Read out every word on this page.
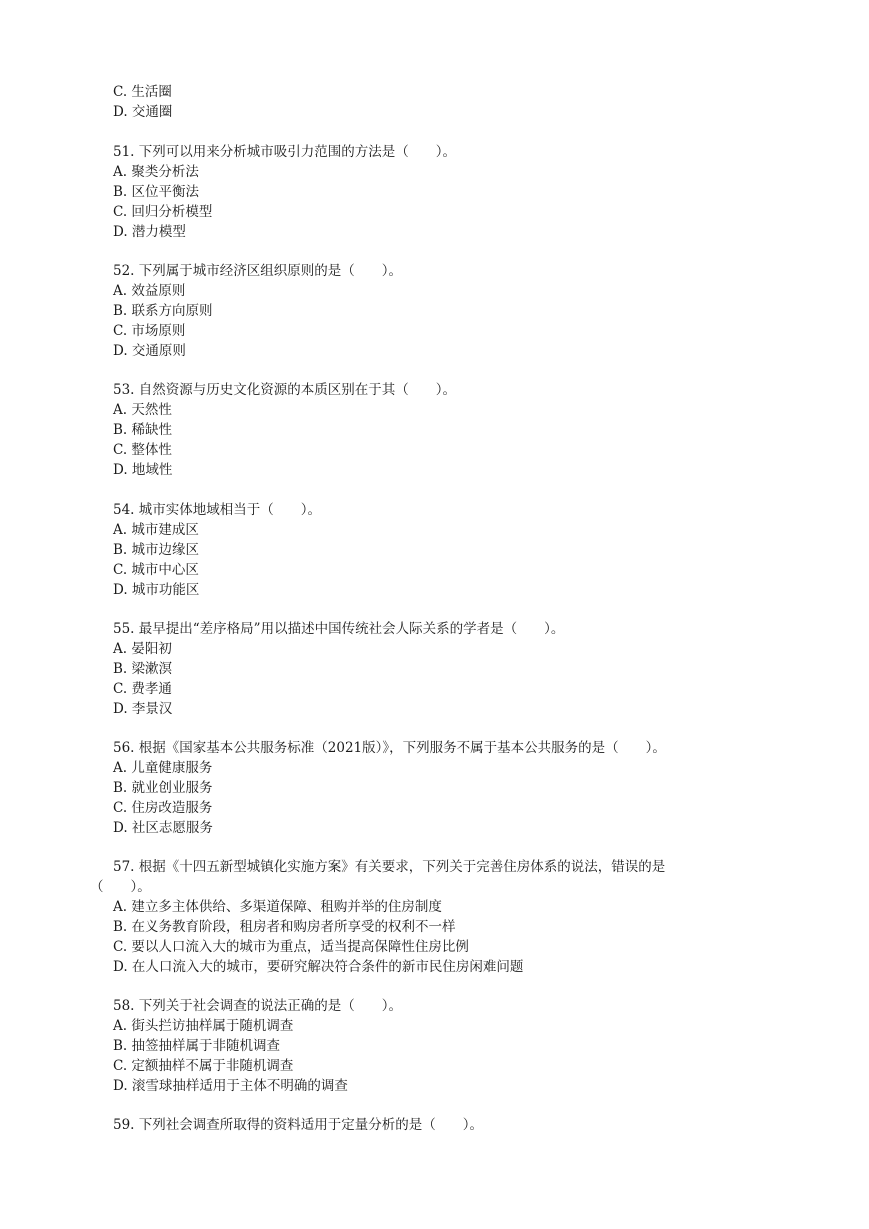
C. 生活圈
D. 交通圈
51. 下列可以用来分析城市吸引力范围的方法是（　　）。
A. 聚类分析法
B. 区位平衡法
C. 回归分析模型
D. 潜力模型
52. 下列属于城市经济区组织原则的是（　　）。
A. 效益原则
B. 联系方向原则
C. 市场原则
D. 交通原则
53. 自然资源与历史文化资源的本质区别在于其（　　）。
A. 天然性
B. 稀缺性
C. 整体性
D. 地域性
54. 城市实体地域相当于（　　）。
A. 城市建成区
B. 城市边缘区
C. 城市中心区
D. 城市功能区
55. 最早提出“差序格局”用以描述中国传统社会人际关系的学者是（　　）。
A. 晏阳初
B. 梁漱溟
C. 费孝通
D. 李景汉
56. 根据《国家基本公共服务标准（2021版）》，下列服务不属于基本公共服务的是（　　）。
A. 儿童健康服务
B. 就业创业服务
C. 住房改造服务
D. 社区志愿服务
57. 根据《十四五新型城镇化实施方案》有关要求，下列关于完善住房体系的说法，错误的是
（　　）。
A. 建立多主体供给、多渠道保障、租购并举的住房制度
B. 在义务教育阶段，租房者和购房者所享受的权利不一样
C. 要以人口流入大的城市为重点，适当提高保障性住房比例
D. 在人口流入大的城市，要研究解决符合条件的新市民住房闲难问题
58. 下列关于社会调查的说法正确的是（　　）。
A. 街头拦访抽样属于随机调查
B. 抽签抽样属于非随机调查
C. 定额抽样不属于非随机调查
D. 滚雪球抽样适用于主体不明确的调查
59. 下列社会调查所取得的资料适用于定量分析的是（　　）。
